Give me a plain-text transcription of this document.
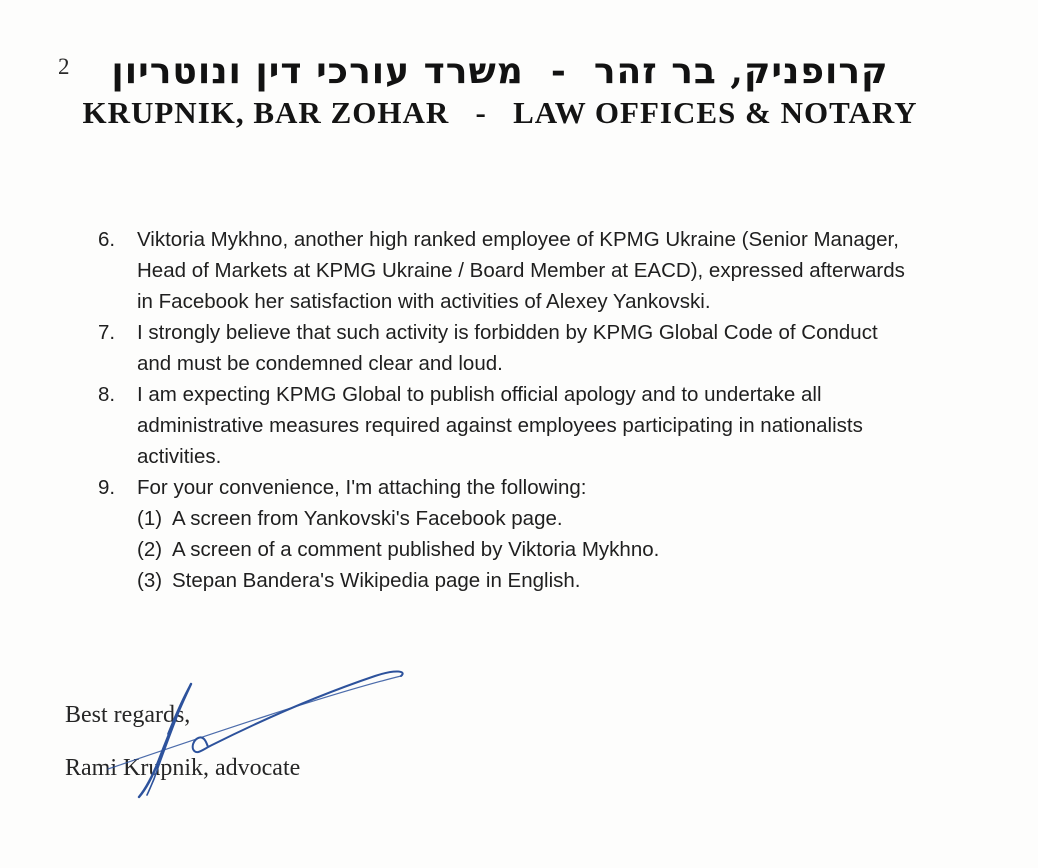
2	קרופניק, בר זהר  -  משרד עורכי דין ונוטריון
KRUPNIK, BAR ZOHAR   -   LAW OFFICES & NOTARY
6.	Viktoria Mykhno, another high ranked employee of KPMG Ukraine (Senior Manager,
Head of Markets at KPMG Ukraine / Board Member at EACD), expressed afterwards
in Facebook her satisfaction with activities of Alexey Yankovski.
7.	I strongly believe that such activity is forbidden by KPMG Global Code of Conduct
and must be condemned clear and loud.
8.	I am expecting KPMG Global to publish official apology and to undertake all
administrative measures required against employees participating in nationalists
activities.
9.	For your convenience, I'm attaching the following:
(1) A screen from Yankovski's Facebook page.
(2) A screen of a comment published by Viktoria Mykhno.
(3) Stepan Bandera's Wikipedia page in English.
Best regards,
Rami Krupnik, advocate
